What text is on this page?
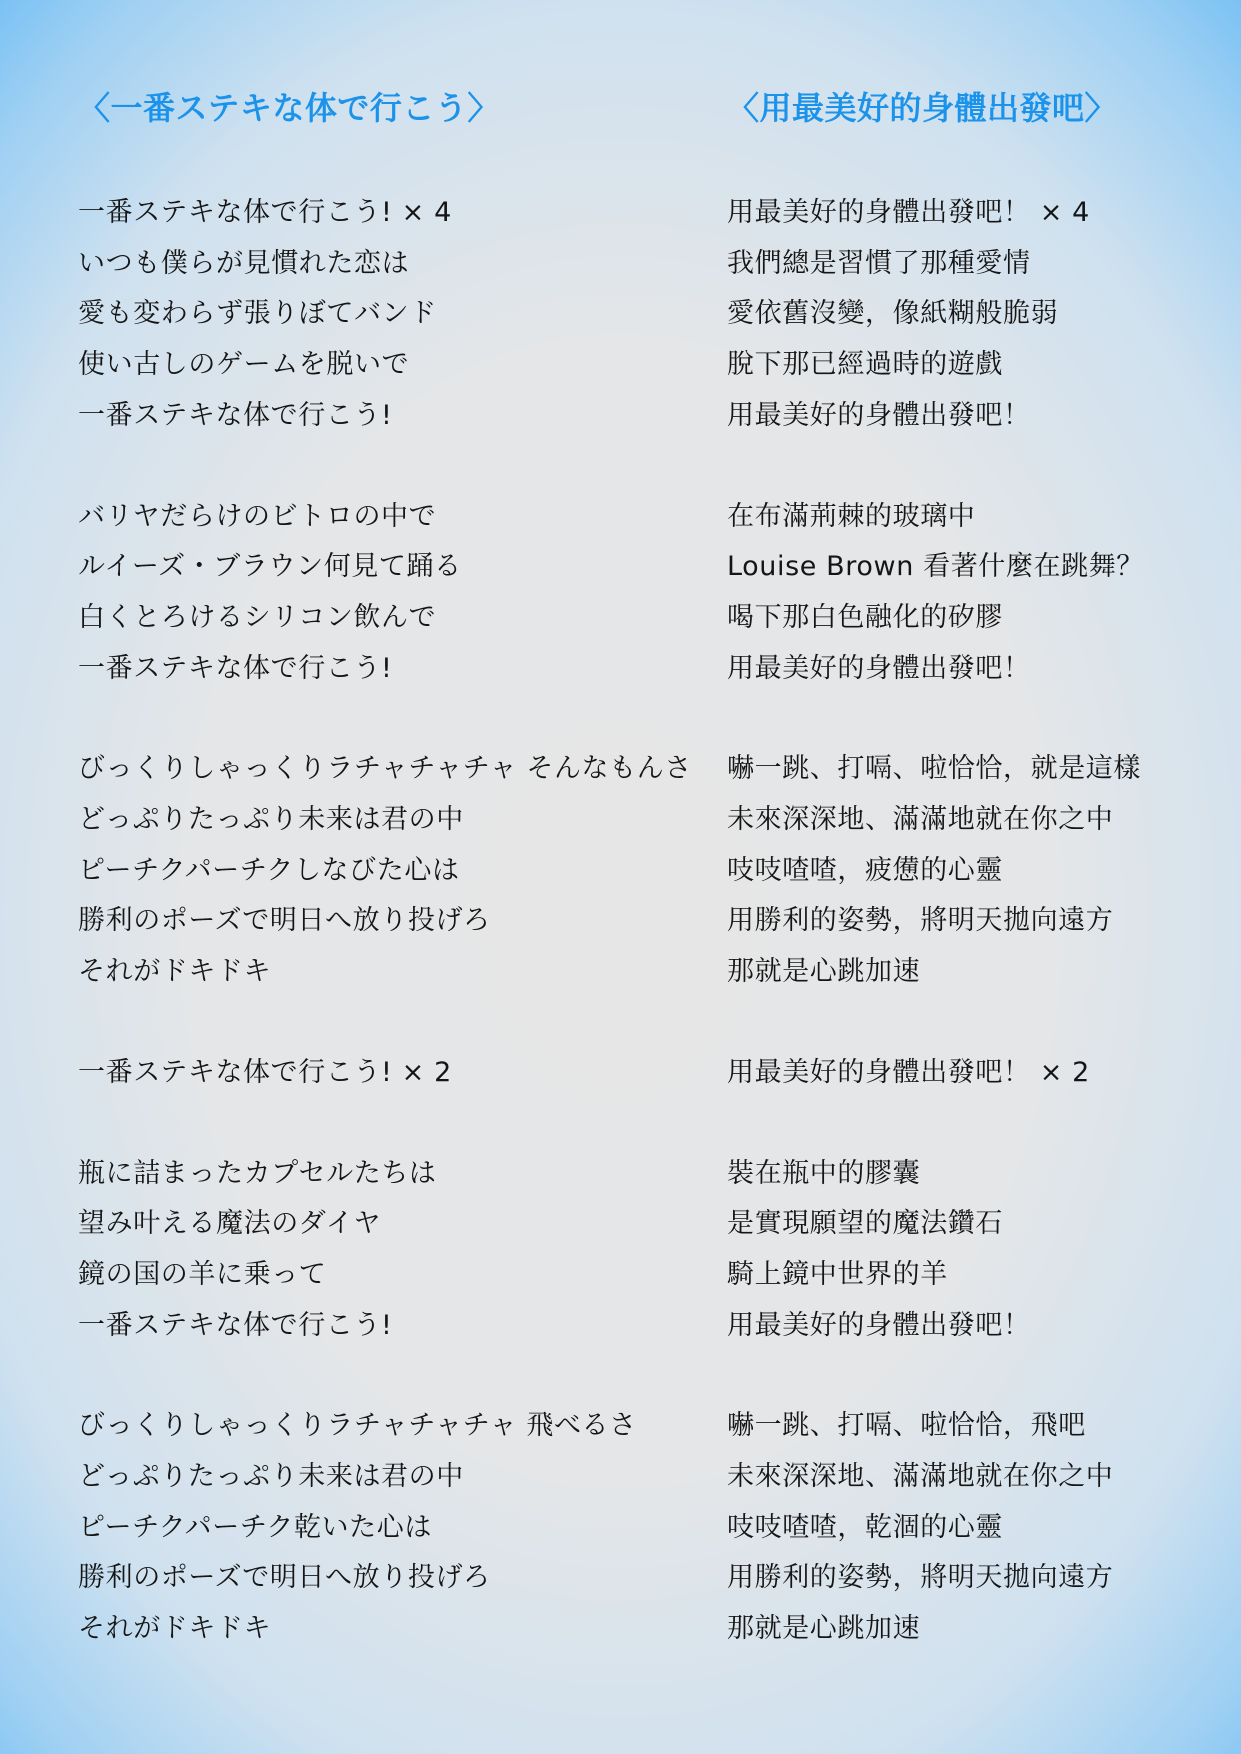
〈一番ステキな体で行こう〉
一番ステキな体で行こう! × 4
いつも僕らが見慣れた恋は
愛も変わらず張りぼてバンド
使い古しのゲームを脱いで
一番ステキな体で行こう!
バリヤだらけのビトロの中で
ルイーズ・ブラウン何見て踊る
白くとろけるシリコン飲んで
一番ステキな体で行こう!
びっくりしゃっくりラチャチャチャ そんなもんさ
どっぷりたっぷり未来は君の中
ピーチクパーチクしなびた心は
勝利のポーズで明日へ放り投げろ
それがドキドキ
一番ステキな体で行こう! × 2
瓶に詰まったカプセルたちは
望み叶える魔法のダイヤ
鏡の国の羊に乗って
一番ステキな体で行こう!
びっくりしゃっくりラチャチャチャ 飛べるさ
どっぷりたっぷり未来は君の中
ピーチクパーチク乾いた心は
勝利のポーズで明日へ放り投げろ
それがドキドキ
〈用最美好的身體出發吧〉
用最美好的身體出發吧！ × 4
我們總是習慣了那種愛情
愛依舊沒變，像紙糊般脆弱
脫下那已經過時的遊戲
用最美好的身體出發吧！
在布滿荊棘的玻璃中
Louise Brown 看著什麼在跳舞？
喝下那白色融化的矽膠
用最美好的身體出發吧！
嚇一跳、打嗝、啦恰恰，就是這樣
未來深深地、滿滿地就在你之中
吱吱喳喳，疲憊的心靈
用勝利的姿勢，將明天拋向遠方
那就是心跳加速
用最美好的身體出發吧！ × 2
裝在瓶中的膠囊
是實現願望的魔法鑽石
騎上鏡中世界的羊
用最美好的身體出發吧！
嚇一跳、打嗝、啦恰恰，飛吧
未來深深地、滿滿地就在你之中
吱吱喳喳，乾涸的心靈
用勝利的姿勢，將明天拋向遠方
那就是心跳加速
